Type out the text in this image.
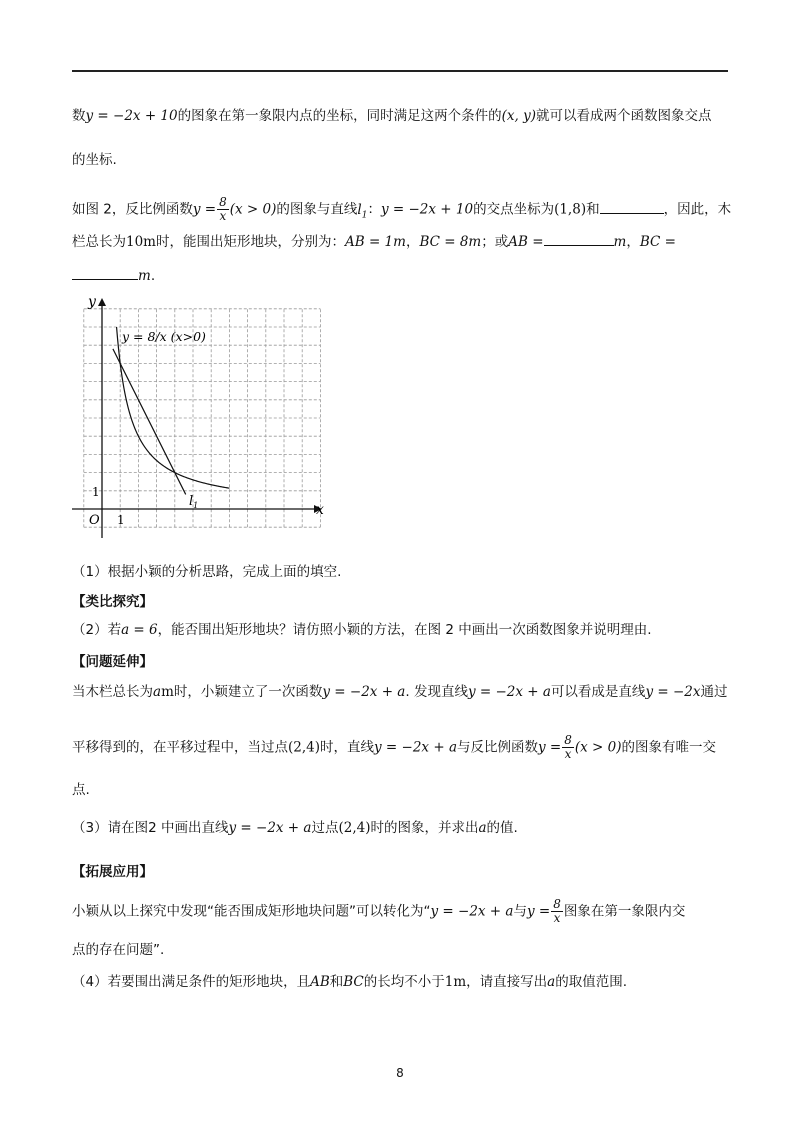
数y = −2x + 10的图象在第一象限内点的坐标，同时满足这两个条件的(x, y)就可以看成两个函数图象交点
的坐标.
如图 2，反比例函数$y = \frac{8}{x} (x > 0)$的图象与直线$l_1$：y = −2x + 10的交点坐标为(1,8)和	，因此，木
栏总长为10m时，能围出矩形地块，分别为：AB = 1m，BC = 8m；或AB =	m，BC =
m.
y
x
O 1
1
y = 8/x (x>0)
$l_1$
（1）根据小颖的分析思路，完成上面的填空.
【类比探究】
（2）若a = 6，能否围出矩形地块？请仿照小颖的方法，在图 2 中画出一次函数图象并说明理由.
【问题延伸】
当木栏总长为am时，小颖建立了一次函数y = −2x + a. 发现直线y = −2x + a可以看成是直线y = −2x通过
平移得到的，在平移过程中，当过点(2,4)时，直线y = −2x + a与反比例函数$y = \frac{8}{x} (x > 0)$的图象有唯一交
点.
（3）请在图2 中画出直线y = −2x + a过点(2,4)时的图象，并求出a的值.
【拓展应用】
小颖从以上探究中发现“能否围成矩形地块问题”可以转化为“y = −2x + a与$y = \frac{8}{x}$ 图象在第一象限内交
点的存在问题”.
（4）若要围出满足条件的矩形地块，且AB和BC的长均不小于1m，请直接写出a的取值范围.
8
